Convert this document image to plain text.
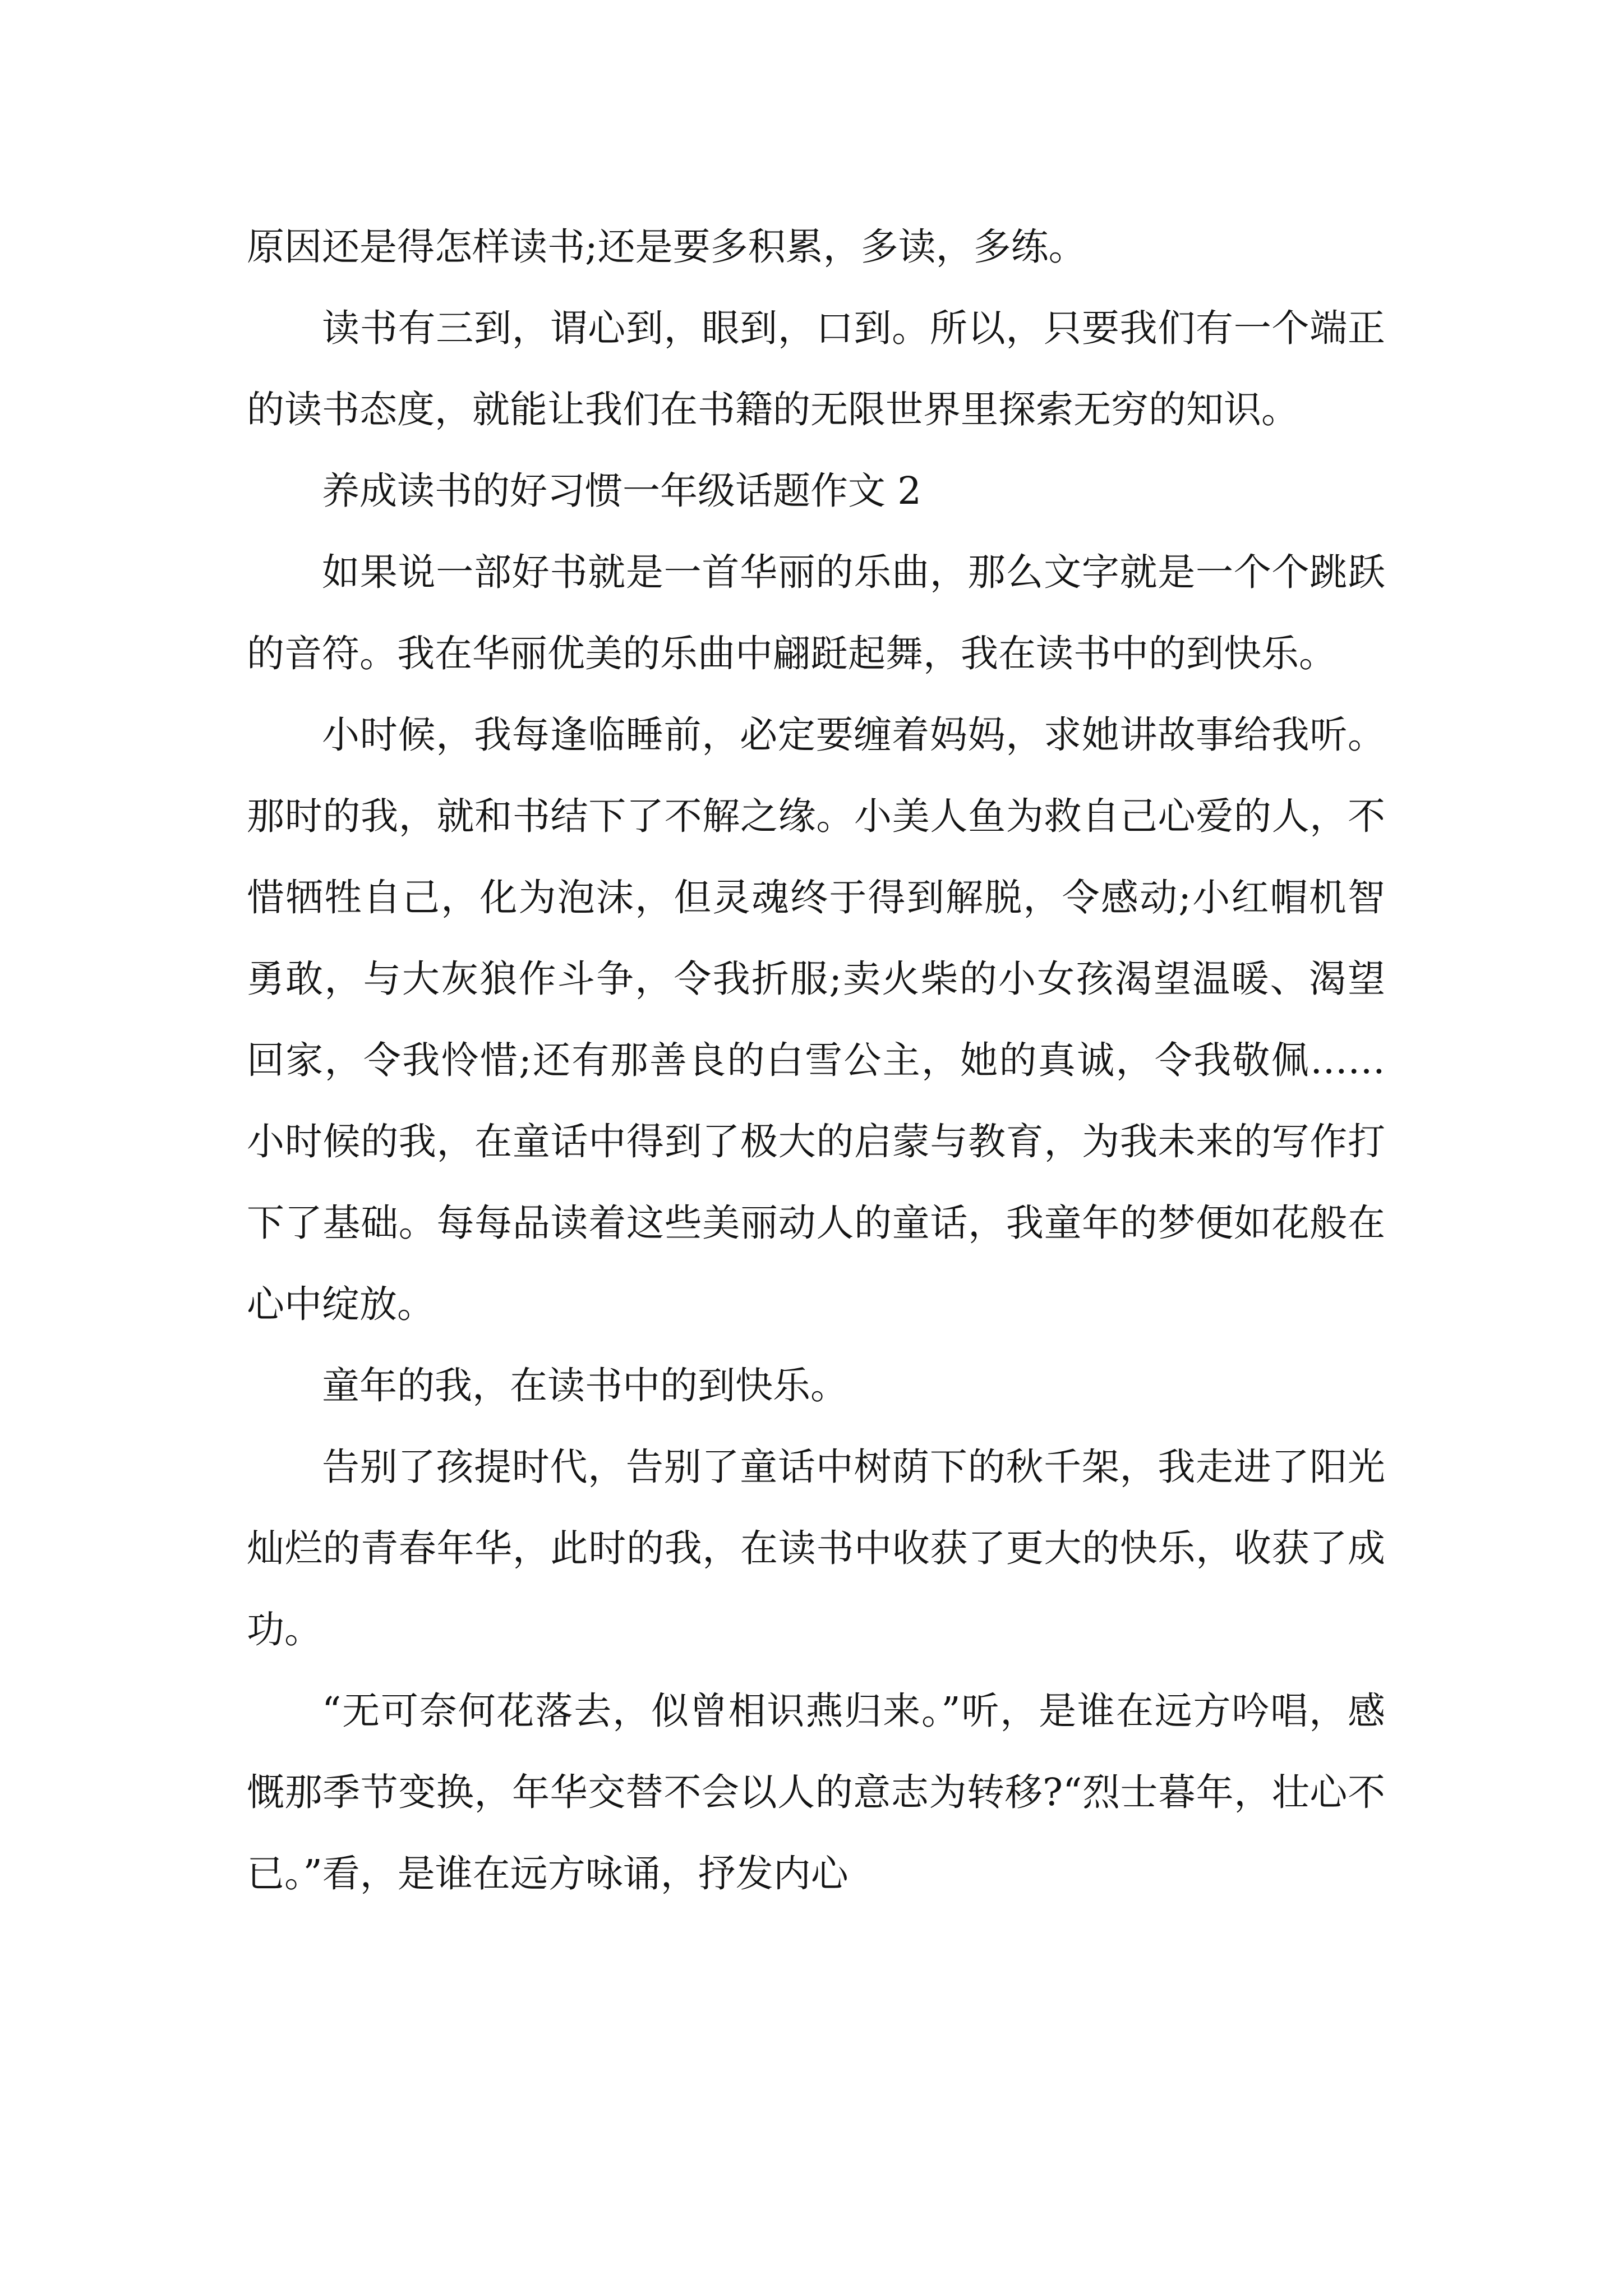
原因还是得怎样读书;还是要多积累，多读，多练。

读书有三到，谓心到，眼到，口到。所以，只要我们有一个端正的读书态度，就能让我们在书籍的无限世界里探索无穷的知识。

养成读书的好习惯一年级话题作文 2

如果说一部好书就是一首华丽的乐曲，那么文字就是一个个跳跃的音符。我在华丽优美的乐曲中翩跹起舞，我在读书中的到快乐。

小时候，我每逢临睡前，必定要缠着妈妈，求她讲故事给我听。那时的我，就和书结下了不解之缘。小美人鱼为救自己心爱的人，不惜牺牲自己，化为泡沫，但灵魂终于得到解脱，令感动;小红帽机智勇敢，与大灰狼作斗争，令我折服;卖火柴的小女孩渴望温暖、渴望回家，令我怜惜;还有那善良的白雪公主，她的真诚，令我敬佩……小时候的我，在童话中得到了极大的启蒙与教育，为我未来的写作打下了基础。每每品读着这些美丽动人的童话，我童年的梦便如花般在心中绽放。

童年的我，在读书中的到快乐。

告别了孩提时代，告别了童话中树荫下的秋千架，我走进了阳光灿烂的青春年华，此时的我，在读书中收获了更大的快乐，收获了成功。

“无可奈何花落去，似曾相识燕归来。”听，是谁在远方吟唱，感慨那季节变换，年华交替不会以人的意志为转移?“烈士暮年，壮心不已。”看，是谁在远方咏诵，抒发内心
